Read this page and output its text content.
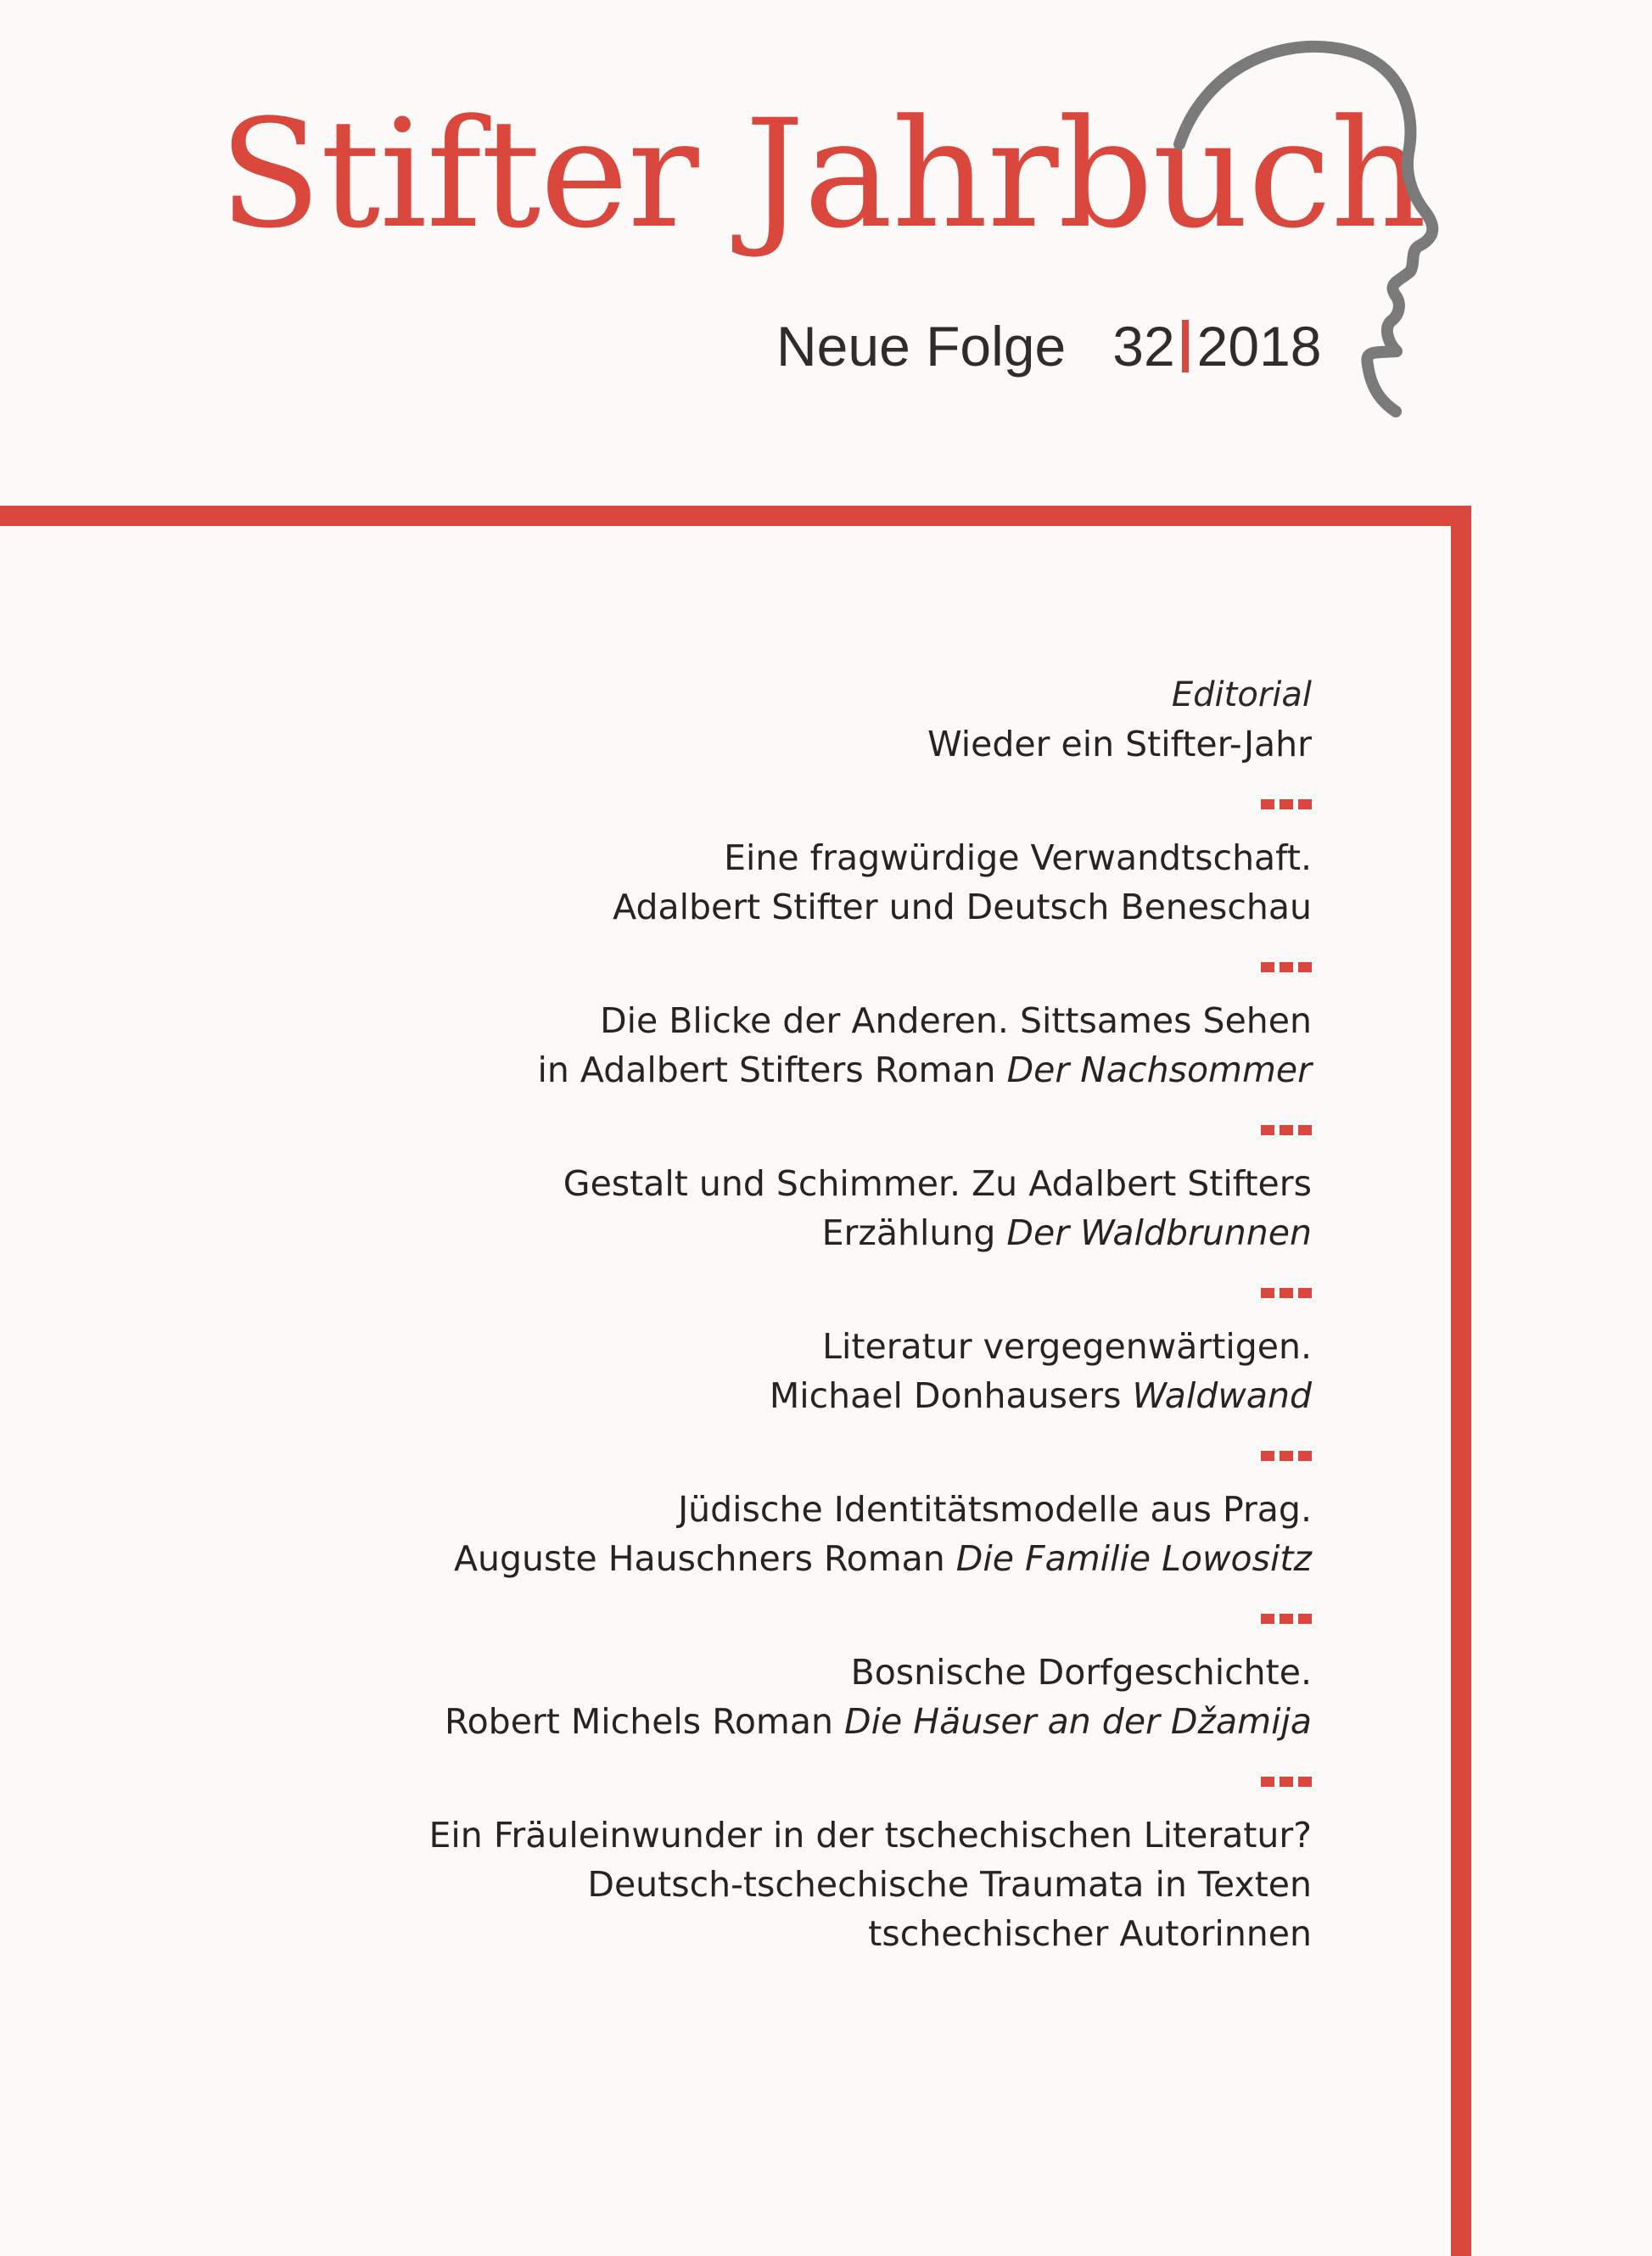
Stifter Jahrbuch
Neue Folge 32 2018
Editorial
Wieder ein Stifter-Jahr
Eine fragwürdige Verwandtschaft.
Adalbert Stifter und Deutsch Beneschau
Die Blicke der Anderen. Sittsames Sehen
in Adalbert Stifters Roman Der Nachsommer
Gestalt und Schimmer. Zu Adalbert Stifters
Erzählung Der Waldbrunnen
Literatur vergegenwärtigen.
Michael Donhausers Waldwand
Jüdische Identitätsmodelle aus Prag.
Auguste Hauschners Roman Die Familie Lowositz
Bosnische Dorfgeschichte.
Robert Michels Roman Die Häuser an der Džamija
Ein Fräuleinwunder in der tschechischen Literatur?
Deutsch-tschechische Traumata in Texten
tschechischer Autorinnen
